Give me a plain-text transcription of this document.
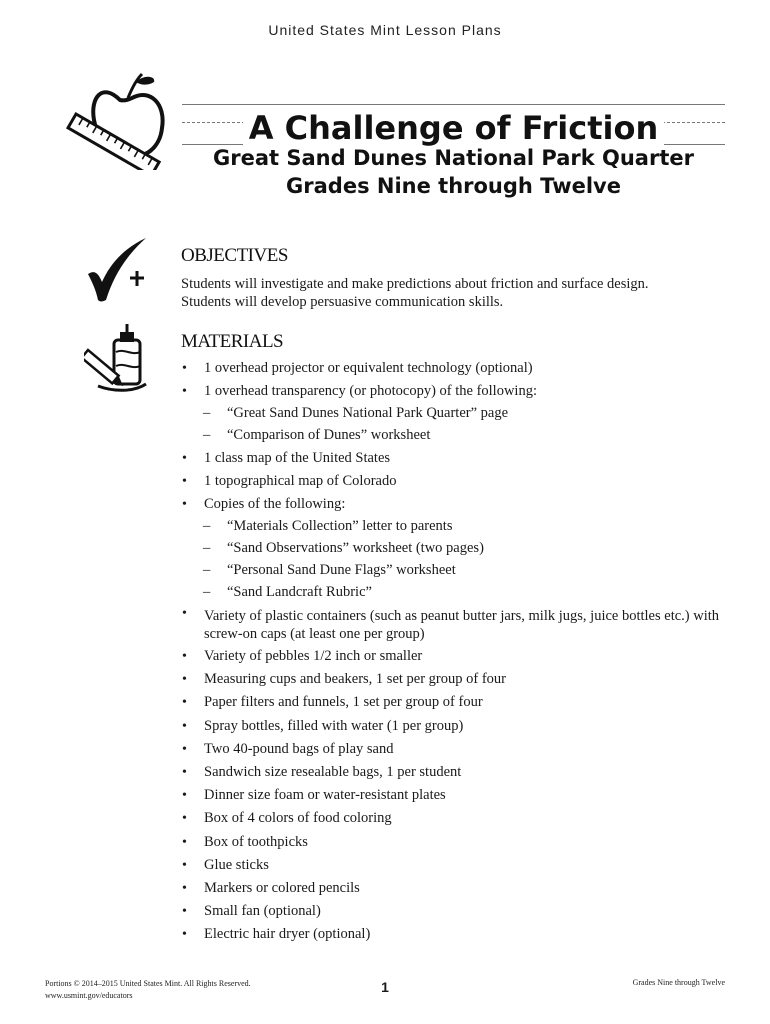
United States Mint Lesson Plans
A Challenge of Friction
Great Sand Dunes National Park Quarter
Grades Nine through Twelve
OBJECTIVES
Students will investigate and make predictions about friction and surface design.
Students will develop persuasive communication skills.
MATERIALS
• 1 overhead projector or equivalent technology (optional)
• 1 overhead transparency (or photocopy) of the following:
– “Great Sand Dunes National Park Quarter” page
– “Comparison of Dunes” worksheet
• 1 class map of the United States
• 1 topographical map of Colorado
• Copies of the following:
– “Materials Collection” letter to parents
– “Sand Observations” worksheet (two pages)
– “Personal Sand Dune Flags” worksheet
– “Sand Landcraft Rubric”
• Variety of plastic containers (such as peanut butter jars, milk jugs, juice bottles etc.) with screw-on caps (at least one per group)
• Variety of pebbles 1/2 inch or smaller
• Measuring cups and beakers, 1 set per group of four
• Paper filters and funnels, 1 set per group of four
• Spray bottles, filled with water (1 per group)
• Two 40-pound bags of play sand
• Sandwich size resealable bags, 1 per student
• Dinner size foam or water-resistant plates
• Box of 4 colors of food coloring
• Box of toothpicks
• Glue sticks
• Markers or colored pencils
• Small fan (optional)
• Electric hair dryer (optional)
Portions © 2014–2015 United States Mint. All Rights Reserved.
www.usmint.gov/educators
1	Grades Nine through Twelve
